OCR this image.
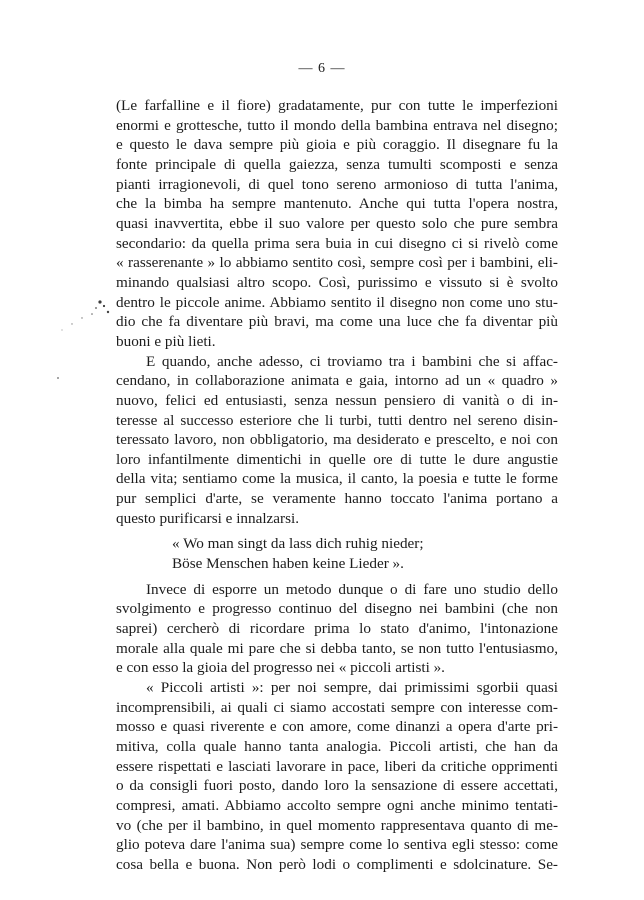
— 6 —
(Le farfalline e il fiore) gradatamente, pur con tutte le imperfezioni
enormi e grottesche, tutto il mondo della bambina entrava nel disegno;
e questo le dava sempre più gioia e più coraggio. Il disegnare fu la
fonte principale di quella gaiezza, senza tumulti scomposti e senza
pianti irragionevoli, di quel tono sereno armonioso di tutta l'anima,
che la bimba ha sempre mantenuto. Anche qui tutta l'opera nostra,
quasi inavvertita, ebbe il suo valore per questo solo che pure sembra
secondario: da quella prima sera buia in cui disegno ci si rivelò come
« rasserenante » lo abbiamo sentito così, sempre così per i bambini, eli-
minando qualsiasi altro scopo. Così, purissimo e vissuto si è svolto
dentro le piccole anime. Abbiamo sentito il disegno non come uno stu-
dio che fa diventare più bravi, ma come una luce che fa diventar più
buoni e più lieti.
E quando, anche adesso, ci troviamo tra i bambini che si affac-
cendano, in collaborazione animata e gaia, intorno ad un « quadro »
nuovo, felici ed entusiasti, senza nessun pensiero di vanità o di in-
teresse al successo esteriore che li turbi, tutti dentro nel sereno disin-
teressato lavoro, non obbligatorio, ma desiderato e prescelto, e noi con
loro infantilmente dimentichi in quelle ore di tutte le dure angustie
della vita; sentiamo come la musica, il canto, la poesia e tutte le forme
pur semplici d'arte, se veramente hanno toccato l'anima portano a
questo purificarsi e innalzarsi.
« Wo man singt da lass dich ruhig nieder;
Böse Menschen haben keine Lieder ».
Invece di esporre un metodo dunque o di fare uno studio dello
svolgimento e progresso continuo del disegno nei bambini (che non
saprei) cercherò di ricordare prima lo stato d'animo, l'intonazione
morale alla quale mi pare che si debba tanto, se non tutto l'entusiasmo,
e con esso la gioia del progresso nei « piccoli artisti ».
« Piccoli artisti »: per noi sempre, dai primissimi sgorbii quasi
incomprensibili, ai quali ci siamo accostati sempre con interesse com-
mosso e quasi riverente e con amore, come dinanzi a opera d'arte pri-
mitiva, colla quale hanno tanta analogia. Piccoli artisti, che han da
essere rispettati e lasciati lavorare in pace, liberi da critiche opprimenti
o da consigli fuori posto, dando loro la sensazione di essere accettati,
compresi, amati. Abbiamo accolto sempre ogni anche minimo tentati-
vo (che per il bambino, in quel momento rappresentava quanto di me-
glio poteva dare l'anima sua) sempre come lo sentiva egli stesso: come
cosa bella e buona. Non però lodi o complimenti e sdolcinature. Se-
